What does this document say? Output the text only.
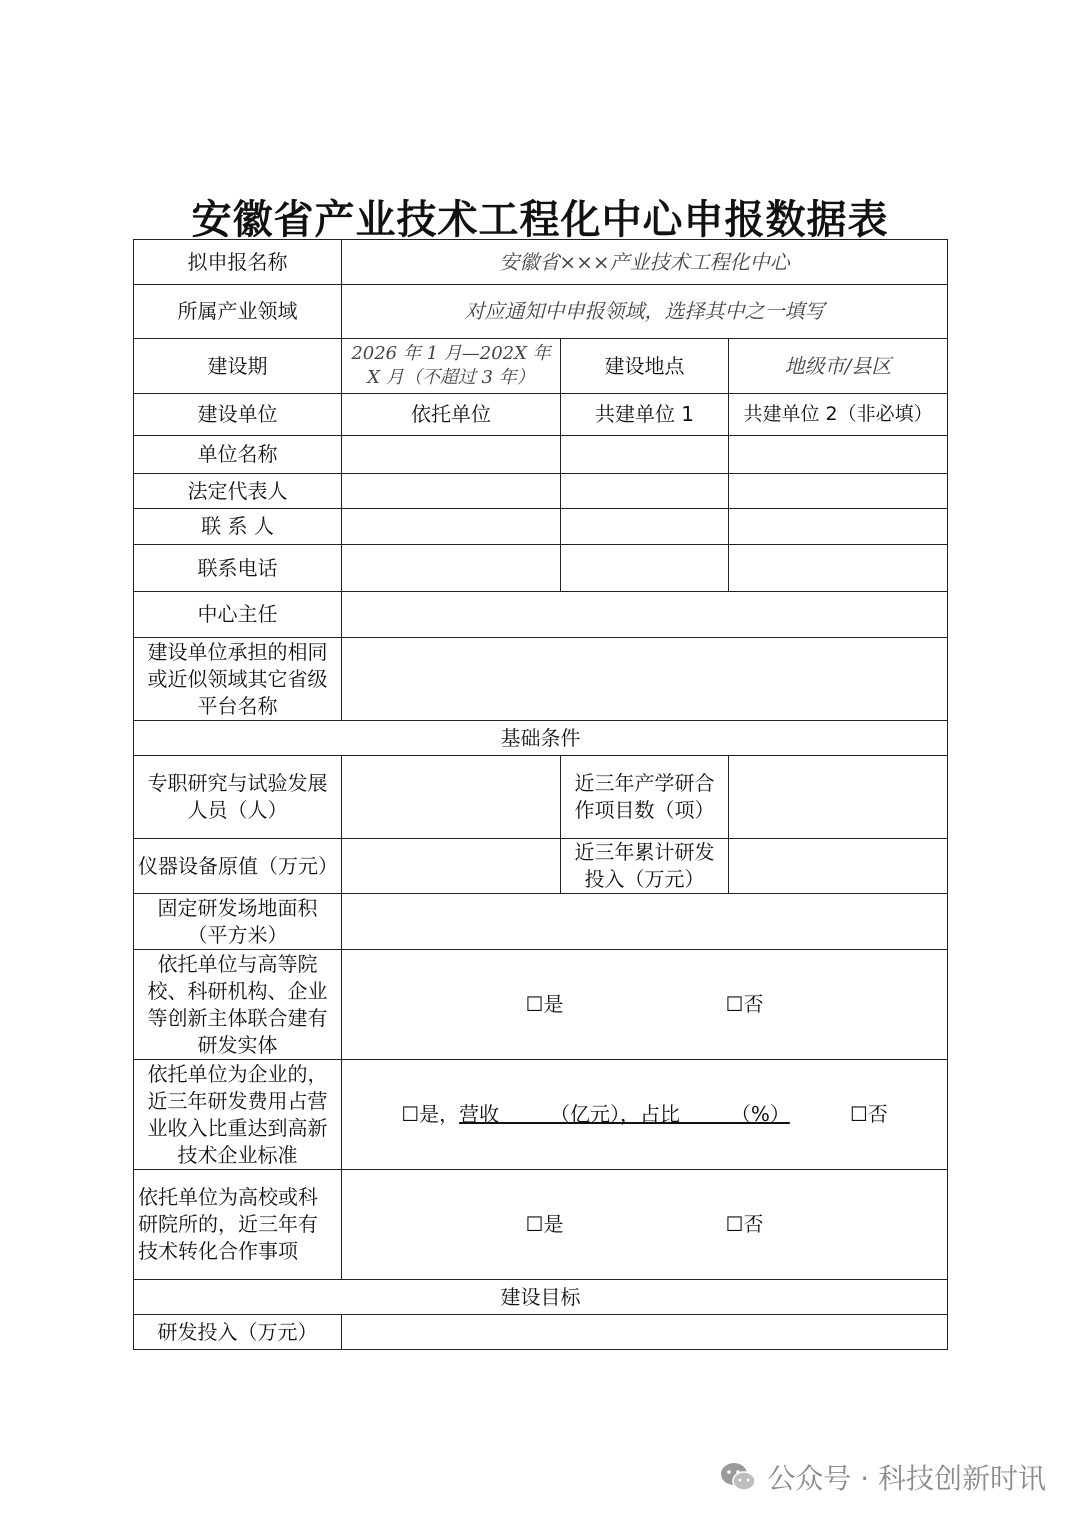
安徽省产业技术工程化中心申报数据表
拟申报名称	安徽省×××产业技术工程化中心		
所属产业领域	对应通知中申报领域，选择其中之一填写		
建设期	2026 年 1 月—202X 年 X 月（不超过 3 年）	建设地点	地级市/县区
建设单位	依托单位	共建单位 1	共建单位 2（非必填）
单位名称			
法定代表人			
联 系 人			
联系电话			
中心主任			
建设单位承担的相同或近似领域其它省级平台名称			
基础条件			
专职研究与试验发展人员（人）		近三年产学研合作项目数（项）	
仪器设备原值（万元）		近三年累计研发投入（万元）	
固定研发场地面积（平方米）			
依托单位与高等院校、科研机构、企业等创新主体联合建有研发实体	☐是 ☐否		
依托单位为企业的，近三年研发费用占营业收入比重达到高新技术企业标准	☐是，营收 （亿元），占比 （%） ☐否		
依托单位为高校或科研院所的，近三年有技术转化合作事项	☐是 ☐否		
建设目标			
研发投入（万元）			
公众号 · 科技创新时讯
